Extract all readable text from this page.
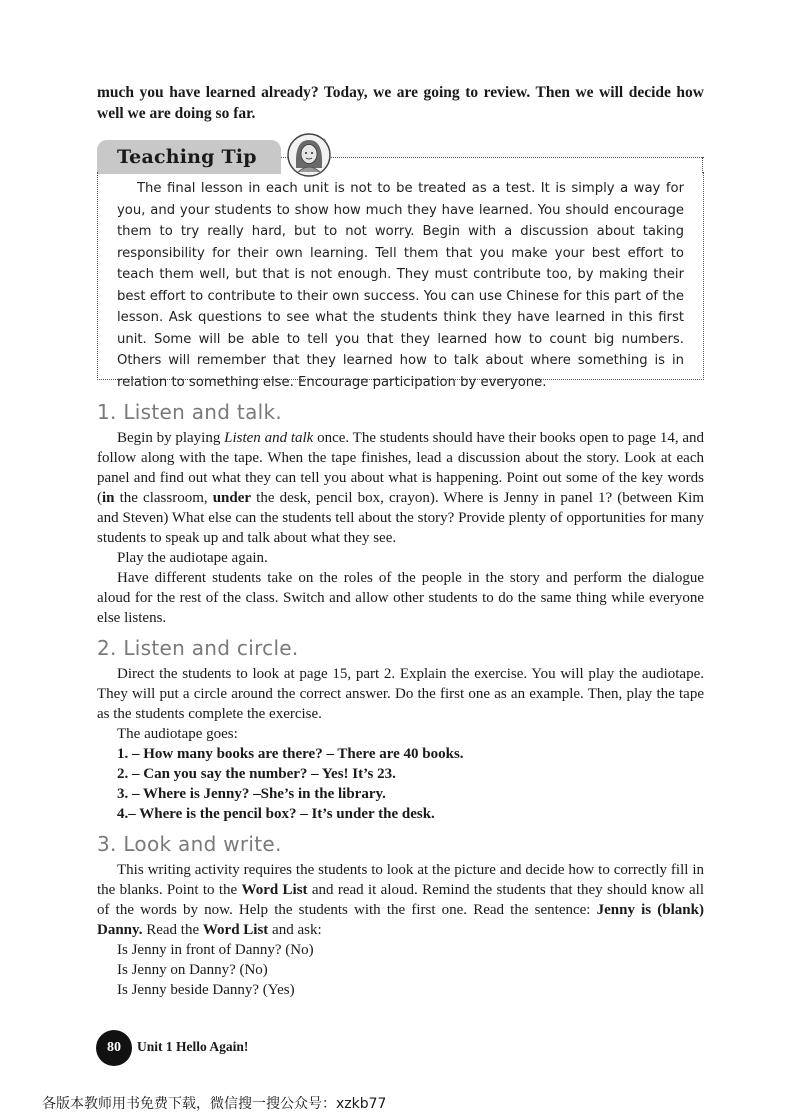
much you have learned already? Today, we are going to review. Then we will decide how well we are doing so far.

Teaching Tip

The final lesson in each unit is not to be treated as a test. It is simply a way for you, and your students to show how much they have learned. You should encourage them to try really hard, but to not worry. Begin with a discussion about taking responsibility for their own learning. Tell them that you make your best effort to teach them well, but that is not enough. They must contribute too, by making their best effort to contribute to their own success. You can use Chinese for this part of the lesson. Ask questions to see what the students think they have learned in this first unit. Some will be able to tell you that they learned how to count big numbers. Others will remember that they learned how to talk about where something is in relation to something else. Encourage participation by everyone.

1. Listen and talk.

Begin by playing Listen and talk once. The students should have their books open to page 14, and follow along with the tape. When the tape finishes, lead a discussion about the story. Look at each panel and find out what they can tell you about what is happening. Point out some of the key words (in the classroom, under the desk, pencil box, crayon). Where is Jenny in panel 1? (between Kim and Steven) What else can the students tell about the story? Provide plenty of opportunities for many students to speak up and talk about what they see.

Play the audiotape again.

Have different students take on the roles of the people in the story and perform the dialogue aloud for the rest of the class. Switch and allow other students to do the same thing while everyone else listens.

2. Listen and circle.

Direct the students to look at page 15, part 2. Explain the exercise. You will play the audiotape. They will put a circle around the correct answer. Do the first one as an example. Then, play the tape as the students complete the exercise.

The audiotape goes:

1. – How many books are there? – There are 40 books.

2. – Can you say the number? – Yes! It’s 23.

3. – Where is Jenny? –She’s in the library.

4.– Where is the pencil box? – It’s under the desk.

3. Look and write.

This writing activity requires the students to look at the picture and decide how to correctly fill in the blanks. Point to the Word List and read it aloud. Remind the students that they should know all of the words by now. Help the students with the first one. Read the sentence: Jenny is (blank) Danny. Read the Word List and ask:

Is Jenny in front of Danny? (No)

Is Jenny on Danny? (No)

Is Jenny beside Danny? (Yes)

80	Unit 1 Hello Again!
各版本教师用书免费下载，微信搜一搜公众号：xzkb77
